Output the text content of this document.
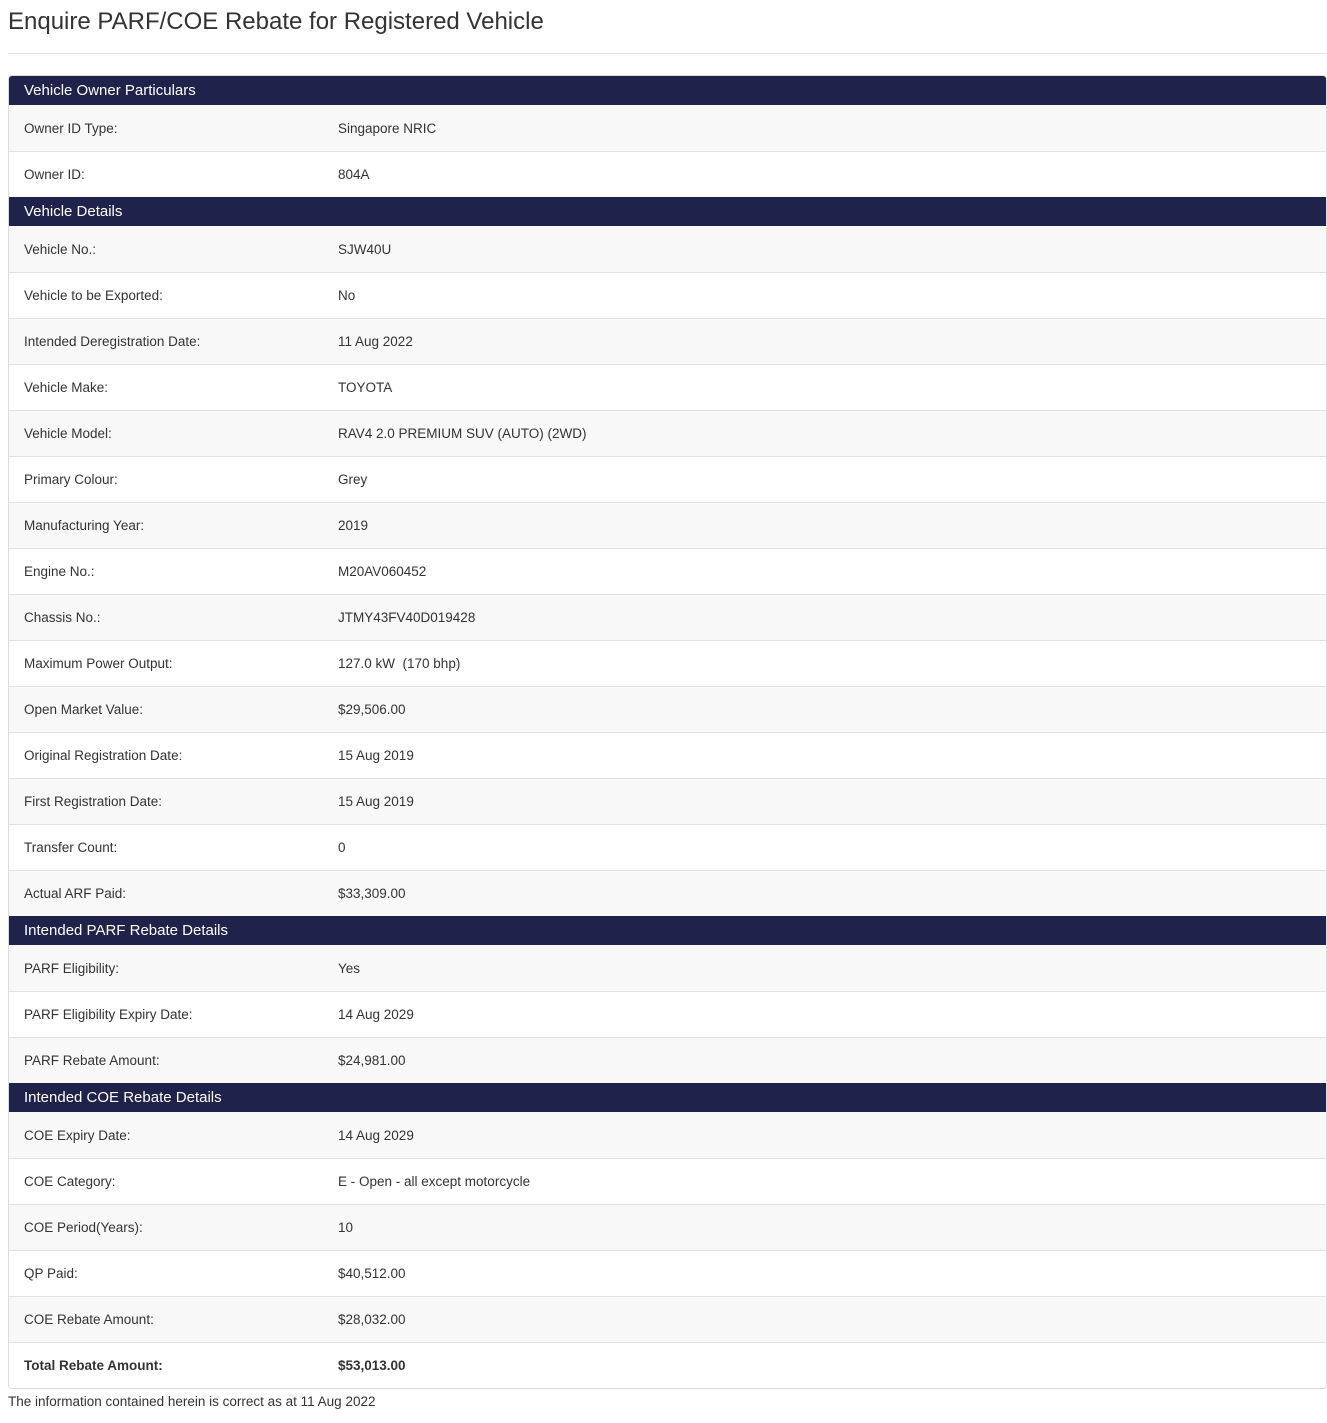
Enquire PARF/COE Rebate for Registered Vehicle
Vehicle Owner Particulars
Owner ID Type:	Singapore NRIC
Owner ID:	804A
Vehicle Details
Vehicle No.:	SJW40U
Vehicle to be Exported:	No
Intended Deregistration Date:	11 Aug 2022
Vehicle Make:	TOYOTA
Vehicle Model:	RAV4 2.0 PREMIUM SUV (AUTO) (2WD)
Primary Colour:	Grey
Manufacturing Year:	2019
Engine No.:	M20AV060452
Chassis No.:	JTMY43FV40D019428
Maximum Power Output:	127.0 kW  (170 bhp)
Open Market Value:	$29,506.00
Original Registration Date:	15 Aug 2019
First Registration Date:	15 Aug 2019
Transfer Count:	0
Actual ARF Paid:	$33,309.00
Intended PARF Rebate Details
PARF Eligibility:	Yes
PARF Eligibility Expiry Date:	14 Aug 2029
PARF Rebate Amount:	$24,981.00
Intended COE Rebate Details
COE Expiry Date:	14 Aug 2029
COE Category:	E - Open - all except motorcycle
COE Period(Years):	10
QP Paid:	$40,512.00
COE Rebate Amount:	$28,032.00
Total Rebate Amount:	$53,013.00
The information contained herein is correct as at 11 Aug 2022
